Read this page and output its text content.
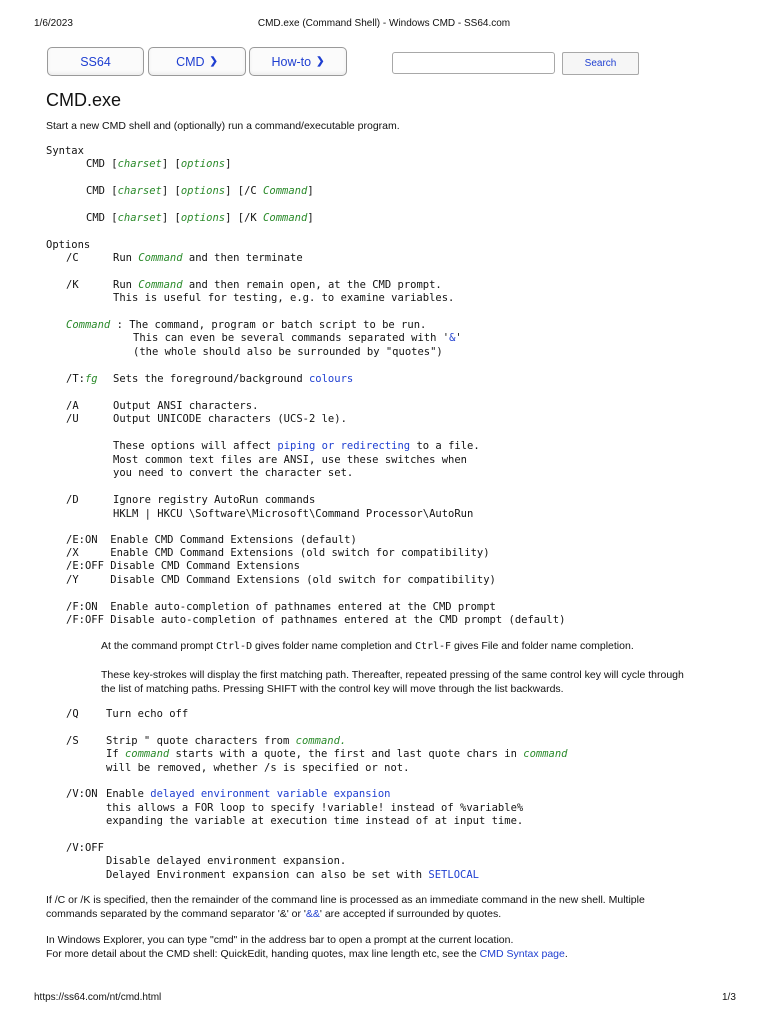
1/6/2023	CMD.exe (Command Shell) - Windows CMD - SS64.com
SS64	CMD ❯	How-to ❯	Search
CMD.exe
Start a new CMD shell and (optionally) run a command/executable program.
Syntax
CMD [charset] [options]
CMD [charset] [options] [/C Command]
CMD [charset] [options] [/K Command]
Options
/C	Run Command and then terminate
/K	Run Command and then remain open, at the CMD prompt.
This is useful for testing, e.g. to examine variables.
Command : The command, program or batch script to be run.
This can even be several commands separated with '&'
(the whole should also be surrounded by "quotes")
/T:fg Sets the foreground/background colours
/A	Output ANSI characters.
/U	Output UNICODE characters (UCS-2 le).
These options will affect piping or redirecting to a file.
Most common text files are ANSI, use these switches when
you need to convert the character set.
/D	Ignore registry AutoRun commands
HKLM | HKCU \Software\Microsoft\Command Processor\AutoRun
/E:ON  Enable CMD Command Extensions (default)
/X     Enable CMD Command Extensions (old switch for compatibility)
/E:OFF Disable CMD Command Extensions
/Y     Disable CMD Command Extensions (old switch for compatibility)
/F:ON  Enable auto-completion of pathnames entered at the CMD prompt
/F:OFF Disable auto-completion of pathnames entered at the CMD prompt (default)
At the command prompt Ctrl-D gives folder name completion and Ctrl-F gives File and folder name completion.
These key-strokes will display the first matching path. Thereafter, repeated pressing of the same control key will cycle through
the list of matching paths. Pressing SHIFT with the control key will move through the list backwards.
/Q	Turn echo off
/S	Strip " quote characters from command.
If command starts with a quote, the first and last quote chars in command
will be removed, whether /s is specified or not.
/V:ON Enable delayed environment variable expansion
this allows a FOR loop to specify !variable! instead of %variable%
expanding the variable at execution time instead of at input time.
/V:OFF
Disable delayed environment expansion.
Delayed Environment expansion can also be set with SETLOCAL
If /C or /K is specified, then the remainder of the command line is processed as an immediate command in the new shell. Multiple
commands separated by the command separator '&' or '&&' are accepted if surrounded by quotes.
In Windows Explorer, you can type "cmd" in the address bar to open a prompt at the current location.
For more detail about the CMD shell: QuickEdit, handing quotes, max line length etc, see the CMD Syntax page.
https://ss64.com/nt/cmd.html	1/3
